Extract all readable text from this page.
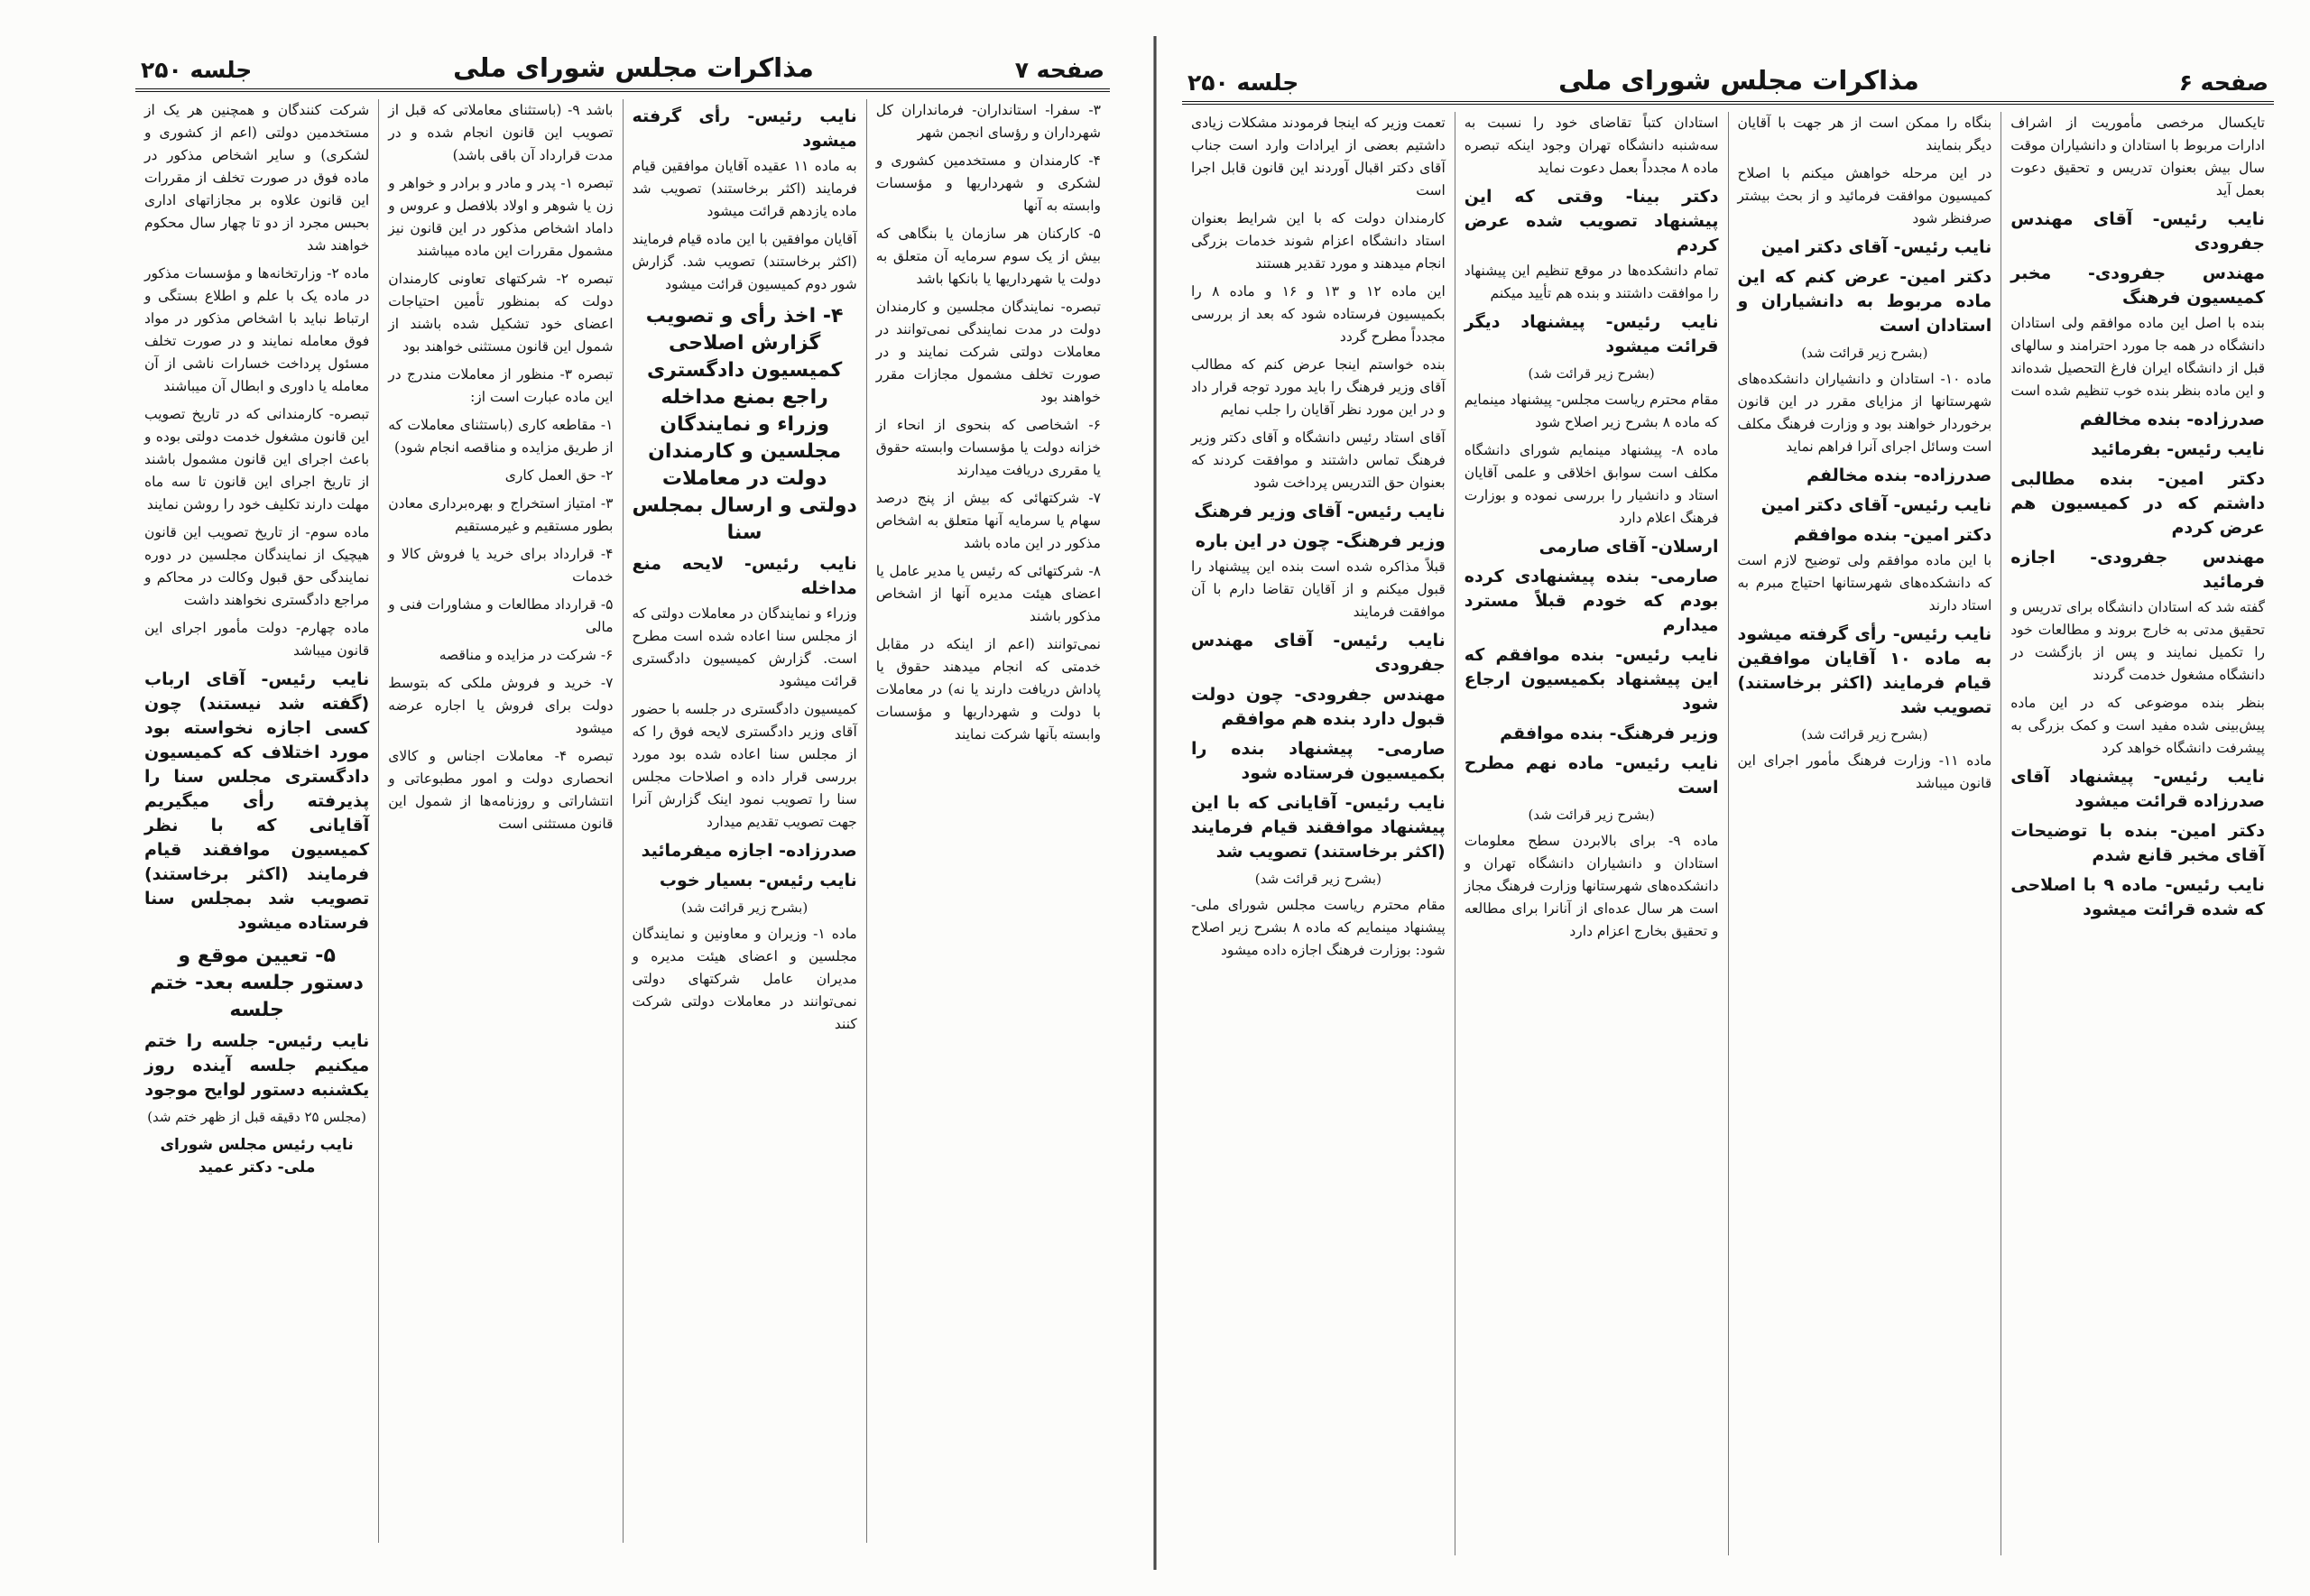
صفحه ۷
مذاکرات مجلس شورای ملی
جلسه ۲۵۰

۳- سفرا- استانداران- فرمانداران کل شهرداران و رؤسای انجمن شهر

۴- کارمندان و مستخدمین کشوری و لشکری و شهرداریها و مؤسسات وابسته به آنها

۵- کارکنان هر سازمان یا بنگاهی که بیش از یک سوم سرمایه آن متعلق به دولت یا شهرداریها یا بانکها باشد

تبصره- نمایندگان مجلسین و کارمندان دولت در مدت نمایندگی نمی‌توانند در معاملات دولتی شرکت نمایند و در صورت تخلف مشمول مجازات مقرر خواهند بود

۶- اشخاصی که بنحوی از انحاء از خزانه دولت یا مؤسسات وابسته حقوق یا مقرری دریافت میدارند

۷- شرکتهائی که بیش از پنج درصد سهام یا سرمایه آنها متعلق به اشخاص مذکور در این ماده باشد

۸- شرکتهائی که رئیس یا مدیر عامل یا اعضای هیئت مدیره آنها از اشخاص مذکور باشند

نمی‌توانند (اعم از اینکه در مقابل خدمتی که انجام میدهند حقوق یا پاداش دریافت دارند یا نه) در معاملات با دولت و شهرداریها و مؤسسات وابسته بآنها شرکت نمایند

نایب رئیس- رأی گرفته میشود

به ماده ۱۱ عقیده آقایان موافقین قیام فرمایند (اکثر برخاستند) تصویب شد ماده یازدهم قرائت میشود

آقایان موافقین با این ماده قیام فرمایند (اکثر برخاستند) تصویب شد. گزارش شور دوم کمیسیون قرائت میشود

۴- اخذ رأی و تصویب گزارش اصلاحی کمیسیون دادگستری راجع بمنع مداخله وزراء و نمایندگان مجلسین و کارمندان دولت در معاملات دولتی و ارسال بمجلس سنا

نایب رئیس- لایحه منع مداخله

وزراء و نمایندگان در معاملات دولتی که از مجلس سنا اعاده شده است مطرح است. گزارش کمیسیون دادگستری قرائت میشود

کمیسیون دادگستری در جلسه با حضور آقای وزیر دادگستری لایحه فوق را که از مجلس سنا اعاده شده بود مورد بررسی قرار داده و اصلاحات مجلس سنا را تصویب نمود اینک گزارش آنرا جهت تصویب تقدیم میدارد

صدرزاده- اجازه میفرمائید

نایب رئیس- بسیار خوب

(بشرح زیر قرائت شد)

ماده ۱- وزیران و معاونین و نمایندگان مجلسین و اعضای هیئت مدیره و مدیران عامل شرکتهای دولتی نمی‌توانند در معاملات دولتی شرکت کنند

باشد ۹- (باستثنای معاملاتی که قبل از تصویب این قانون انجام شده و در مدت قرارداد آن باقی باشد)

تبصره ۱- پدر و مادر و برادر و خواهر و زن یا شوهر و اولاد بلافصل و عروس و داماد اشخاص مذکور در این قانون نیز مشمول مقررات این ماده میباشند

تبصره ۲- شرکتهای تعاونی کارمندان دولت که بمنظور تأمین احتیاجات اعضای خود تشکیل شده باشند از شمول این قانون مستثنی خواهند بود

تبصره ۳- منظور از معاملات مندرج در این ماده عبارت است از:

۱- مقاطعه کاری (باستثنای معاملات که از طریق مزایده و مناقصه انجام شود)

۲- حق العمل کاری

۳- امتیاز استخراج و بهره‌برداری معادن بطور مستقیم و غیرمستقیم

۴- قرارداد برای خرید یا فروش کالا و خدمات

۵- قرارداد مطالعات و مشاورات فنی و مالی

۶- شرکت در مزایده و مناقصه

۷- خرید و فروش ملکی که بتوسط دولت برای فروش یا اجاره عرضه میشود

تبصره ۴- معاملات اجناس و کالای انحصاری دولت و امور مطبوعاتی و انتشاراتی و روزنامه‌ها از شمول این قانون مستثنی است

شرکت کنندگان و همچنین هر یک از مستخدمین دولتی (اعم از کشوری و لشکری) و سایر اشخاص مذکور در ماده فوق در صورت تخلف از مقررات این قانون علاوه بر مجازاتهای اداری بحبس مجرد از دو تا چهار سال محکوم خواهند شد

ماده ۲- وزارتخانه‌ها و مؤسسات مذکور در ماده یک با علم و اطلاع بستگی و ارتباط نباید با اشخاص مذکور در مواد فوق معامله نمایند و در صورت تخلف مسئول پرداخت خسارات ناشی از آن معامله یا داوری و ابطال آن میباشند

تبصره- کارمندانی که در تاریخ تصویب این قانون مشغول خدمت دولتی بوده و باعث اجرای این قانون مشمول باشند از تاریخ اجرای این قانون تا سه ماه مهلت دارند تکلیف خود را روشن نمایند

ماده سوم- از تاریخ تصویب این قانون هیچیک از نمایندگان مجلسین در دوره نمایندگی حق قبول وکالت در محاکم و مراجع دادگستری نخواهند داشت

ماده چهارم- دولت مأمور اجرای این قانون میباشد

نایب رئیس- آقای ارباب (گفته شد نیستند) چون کسی اجازه نخواسته بود مورد اختلاف که کمیسیون دادگستری مجلس سنا را پذیرفته رأی میگیریم آقایانی که با نظر کمیسیون موافقند قیام فرمایند (اکثر برخاستند) تصویب شد بمجلس سنا فرستاده میشود

۵- تعیین موقع و دستور جلسه بعد- ختم جلسه

نایب رئیس- جلسه را ختم میکنیم جلسه آینده روز یکشنبه دستور لوایح موجود

(مجلس ۲۵ دقیقه قبل از ظهر ختم شد)

نایب رئیس مجلس شورای ملی- دکتر عمید

صفحه ۶
مذاکرات مجلس شورای ملی
جلسه ۲۵۰

تایکسال مرخصی مأموریت از اشراف ادارات مربوط با استادان و دانشیاران موقت سال بیش بعنوان تدریس و تحقیق دعوت بعمل آید

نایب رئیس- آقای مهندس جفرودی

مهندس جفرودی- مخبر کمیسیون فرهنگ

بنده با اصل این ماده موافقم ولی استادان دانشگاه در همه جا مورد احترامند و سالهای قبل از دانشگاه ایران فارغ التحصیل شده‌اند و این ماده بنظر بنده خوب تنظیم شده است

صدرزاده- بنده مخالفم

نایب رئیس- بفرمائید

دکتر امین- بنده مطالبی داشتم که در کمیسیون هم عرض کردم

مهندس جفرودی- اجازه فرمائید

گفته شد که استادان دانشگاه برای تدریس و تحقیق مدتی به خارج بروند و مطالعات خود را تکمیل نمایند و پس از بازگشت در دانشگاه مشغول خدمت گردند

بنظر بنده موضوعی که در این ماده پیش‌بینی شده مفید است و کمک بزرگی به پیشرفت دانشگاه خواهد کرد

نایب رئیس- پیشنهاد آقای صدرزاده قرائت میشود

دکتر امین- بنده با توضیحات آقای مخبر قانع شدم

نایب رئیس- ماده ۹ با اصلاحی که شده قرائت میشود

بنگاه را ممکن است از هر جهت با آقایان دیگر بنمایند

در این مرحله خواهش میکنم با اصلاح کمیسیون موافقت فرمائید و از بحث بیشتر صرفنظر شود

نایب رئیس- آقای دکتر امین

دکتر امین- عرض کنم که این ماده مربوط به دانشیاران و استادان است

(بشرح زیر قرائت شد)

ماده ۱۰- استادان و دانشیاران دانشکده‌های شهرستانها از مزایای مقرر در این قانون برخوردار خواهند بود و وزارت فرهنگ مکلف است وسائل اجرای آنرا فراهم نماید

صدرزاده- بنده مخالفم

نایب رئیس- آقای دکتر امین

دکتر امین- بنده موافقم

با این ماده موافقم ولی توضیح لازم است که دانشکده‌های شهرستانها احتیاج مبرم به استاد دارند

نایب رئیس- رأی گرفته میشود به ماده ۱۰ آقایان موافقین قیام فرمایند (اکثر برخاستند) تصویب شد

(بشرح زیر قرائت شد)

ماده ۱۱- وزارت فرهنگ مأمور اجرای این قانون میباشد

استادان کتباً تقاضای خود را نسبت به سه‌شنبه دانشگاه تهران وجود اینکه تبصره ماده ۸ مجدداً بعمل دعوت نماید

دکتر بینا- وقتی که این پیشنهاد تصویب شده عرض کردم

تمام دانشکده‌ها در موقع تنظیم این پیشنهاد را موافقت داشتند و بنده هم تأیید میکنم

نایب رئیس- پیشنهاد دیگر قرائت میشود

(بشرح زیر قرائت شد)

مقام محترم ریاست مجلس- پیشنهاد مینمایم که ماده ۸ بشرح زیر اصلاح شود

ماده ۸- پیشنهاد مینمایم شورای دانشگاه مکلف است سوابق اخلاقی و علمی آقایان استاد و دانشیار را بررسی نموده و بوزارت فرهنگ اعلام دارد

ارسلان- آقای صارمی

صارمی- بنده پیشنهادی کرده بودم که خودم قبلاً مسترد میدارم

نایب رئیس- بنده موافقم که این پیشنهاد بکمیسیون ارجاع شود

وزیر فرهنگ- بنده موافقم

نایب رئیس- ماده نهم مطرح است

(بشرح زیر قرائت شد)

ماده ۹- برای بالابردن سطح معلومات استادان و دانشیاران دانشگاه تهران و دانشکده‌های شهرستانها وزارت فرهنگ مجاز است هر سال عده‌ای از آنانرا برای مطالعه و تحقیق بخارج اعزام دارد

تعمت وزیر که اینجا فرمودند مشکلات زیادی داشتیم بعضی از ایرادات وارد است جناب آقای دکتر اقبال آوردند این قانون قابل اجرا است

کارمندان دولت که با این شرایط بعنوان استاد دانشگاه اعزام شوند خدمات بزرگی انجام میدهند و مورد تقدیر هستند

این ماده ۱۲ و ۱۳ و ۱۶ و ماده ۸ را بکمیسیون فرستاده شود که بعد از بررسی مجدداً مطرح گردد

بنده خواستم اینجا عرض کنم که مطالب آقای وزیر فرهنگ را باید مورد توجه قرار داد و در این مورد نظر آقایان را جلب نمایم

آقای استاد رئیس دانشگاه و آقای دکتر وزیر فرهنگ تماس داشتند و موافقت کردند که بعنوان حق التدریس پرداخت شود

نایب رئیس- آقای وزیر فرهنگ

وزیر فرهنگ- چون در این باره

قبلاً مذاکره شده است بنده این پیشنهاد را قبول میکنم و از آقایان تقاضا دارم با آن موافقت فرمایند

نایب رئیس- آقای مهندس جفرودی

مهندس جفرودی- چون دولت قبول دارد بنده هم موافقم

صارمی- پیشنهاد بنده را بکمیسیون فرستاده شود

نایب رئیس- آقایانی که با این پیشنهاد موافقند قیام فرمایند (اکثر برخاستند) تصویب شد

(بشرح زیر قرائت شد)

مقام محترم ریاست مجلس شورای ملی- پیشنهاد مینمایم که ماده ۸ بشرح زیر اصلاح شود: بوزارت فرهنگ اجازه داده میشود
